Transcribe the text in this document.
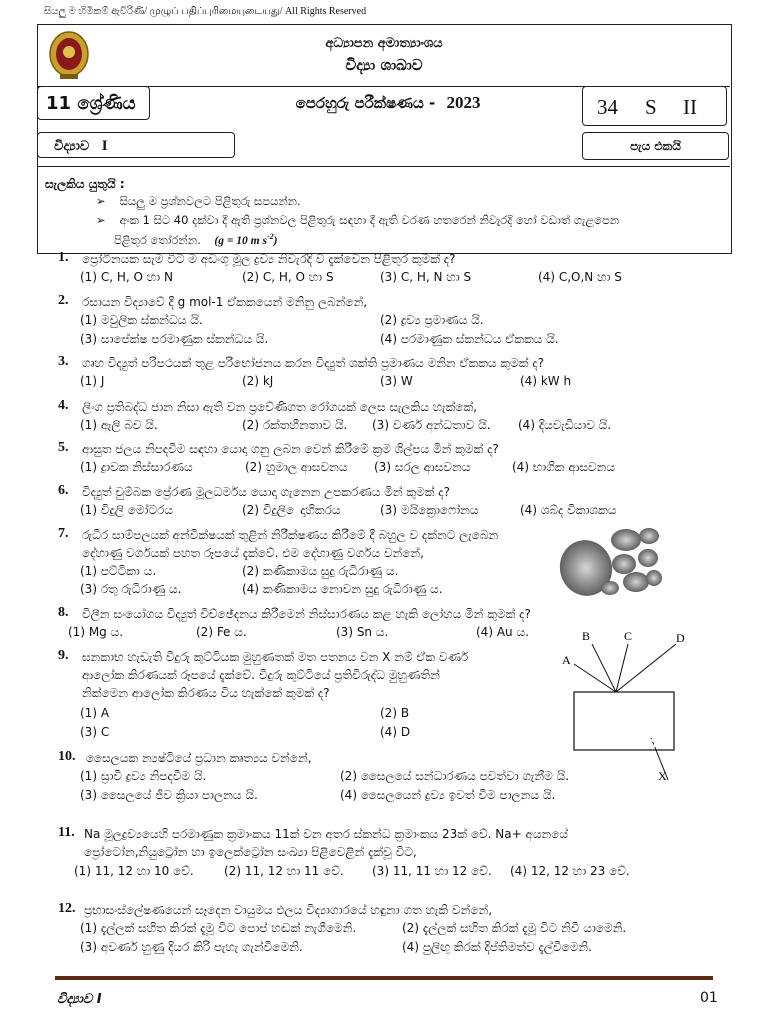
සියලු ම හිමිකම් ඇවිරිණි/ முழுப் பதிப்புரிமையுடையது/ All Rights Reserved
අධ්‍යාපන අමාත්‍යාංශය
විද්‍යා ශාඛාව
11 ශ්‍රේණිය	පෙරහුරු පරීක්ෂණය - 2023	34 S II
විද්‍යාව I	පැය එකයි
සැලකිය යුතුයි :
➢ සියලු ම ප්‍රශ්නවලට පිළිතුරු සපයන්න.
➢ අංක 1 සිට 40 දක්වා දී ඇති ප්‍රශ්නවල පිළිතුරු සඳහා දී ඇති වරණ හතරෙන් නිවැරදි හෝ වඩාත් ගැළපෙන
පිළිතුර තෝරන්න. (g = 10 m $s^{-2}$)
1. ප්‍රෝටීනයක සැම විට ම අඩංගු මූල ද්‍රව්‍ය නිවැරදි ව දැක්වෙන පිළිතුර කුමක් ද?
(1) C, H, O හා N	(2) C, H, O හා S	(3) C, H, N හා S	(4) C,O,N හා S
2. රසායන විද්‍යාවේ දී g mol-1 ඒකකයෙන් මනිනු ලබන්නේ,
(1) මවුලික ස්කන්ධය යි.	(2) ද්‍රව්‍ය ප්‍රමාණය යි.
(3) සාපේක්ෂ පරමාණුක ස්කන්ධය යි.	(4) පරමාණුක ස්කන්ධය ඒකකය යි.
3. ගෘහ විද්‍යුත් පරිපථයක් තුළ පරිභෝජනය කරන විද්‍යුත් ශක්ති ප්‍රමාණය මනින ඒකකය කුමක් ද?
(1) J	(2) kJ	(3) W	(4) kW h
4. ලිංග ප්‍රතිබද්ධ ජාන නිසා ඇති වන ප්‍රවේණිගත රෝගයක් ලෙස සැලකිය හැක්කේ,
(1) ඇලි බව යි.	(2) රක්තහීනතාව යි. (3) වර්ණ අන්ධතාව යි. (4) දියවැඩියාව යි.
5. ආසුත ජලය නිපදවීම සඳහා යොදා ගනු ලබන වෙන් කිරීමේ ක්‍රම ශිල්පය මින් කුමක් ද?
(1) ද්‍රාවක නිස්සාරණය	(2) හුමාල ආසවනය (3) සරල ආසවනය	(4) භාගික ආසවනය
6. විද්‍යුත් චුම්බක ප්‍රේරණ මූලධර්මය යොදා ගැනෙන උපකරණය මින් කුමක් ද?
(1) විදුලි මෝටරය	(2) විදුලි ෙදාහිකරය	(3) මයික්‍රොෆෝනය	(4) ශබ්ද විකාශකය
7. රුධිර සාම්පලයක් අන්වීක්ෂයක් තුළින් නිරීක්ෂණය කිරීමේ දී බහුල ව දක්නට ලැබෙන
දේහාණු වර්ගයක් පහත රූපයේ දැක්වේ. එම දේහාණු වර්ගය වන්නේ,
(1) පට්ටිකා ය.	(2) කණිකාමය සුදු රුධිරාණු ය.
(3) රතු රුධිරාණු ය.	(4) කණිකාමය නොවන සුදු රුධිරාණු ය.
8. විලීන සංයෝගය විද්‍යුත් විච්ඡේදනය කිරීමෙන් නිස්සාරණය කළ හැකි ලෝහය මින් කුමක් ද?
(1) Mg ය.	(2) Fe ය.	(3) Sn ය.	(4) Au ය.
9. ඝනකාභ හැඩැති වීදුරු කුට්ටියක මුහුණතක් මත පතනය වන X නම් ඒක වර්ණ
ආලෝක කිරණයක් රූපයේ දැක්වේ. වීදුරු කුට්ටියේ ප්‍රතිවිරුද්ධ මුහුණතින්
නික්මෙන ආලෝක කිරණය විය හැක්කේ කුමක් ද?
(1) A	(2) B
(3) C	(4) D
A
B	C	D
X
10. සෛලයක න්‍යෂ්ටියේ ප්‍රධාන කෘත්‍යය වන්නේ,
(1) ස්‍රාවී ද්‍රව්‍ය නිපදවීම යි.	(2) සෛලයේ සන්ධාරණය පවත්වා ගැනීම යි.
(3) සෛලයේ ජීව ක්‍රියා පාලනය යි.	(4) සෛලයෙන් ද්‍රව්‍ය ඉවත් වීම පාලනය යි.
11. Na මූලද්‍රව්‍යයෙහි පරමාණුක ක්‍රමාංකය 11ක් වන අතර ස්කන්ධ ක්‍රමාංකය 23ක් වේ. Na+ අයනයේ
ප්‍රෝටෝන,නියුට්‍රෝන හා ඉලෙක්ට්‍රෝන සංඛ්‍යා පිළිවෙළින් දැක්වූ විට,
(1) 11, 12 හා 10 වේ.	(2) 11, 12 හා 11 වේ. (3) 11, 11 හා 12 වේ. (4) 12, 12 හා 23 වේ.
12. ප්‍රභාසංස්ලේෂණයෙන් සෑදෙන වායුමය ඵලය විද්‍යාගාරයේ හඳුනා ගත හැකි වන්නේ,
(1) දැල්ලක් සහිත කිරක් දැමූ විට පොප් හඬක් නැගීමෙනි.	(2) දැල්ලක් සහිත කිරක් දැමූ විට නිවී යාමෙනි.
(3) අවර්ණ හුණු දියර කිරි පැහැ ගැන්වීමෙනි.	(4) පුලිඟු කිරක් දිප්තිමත්ව දැල්වීමෙනි.
විද්‍යාව I	01
